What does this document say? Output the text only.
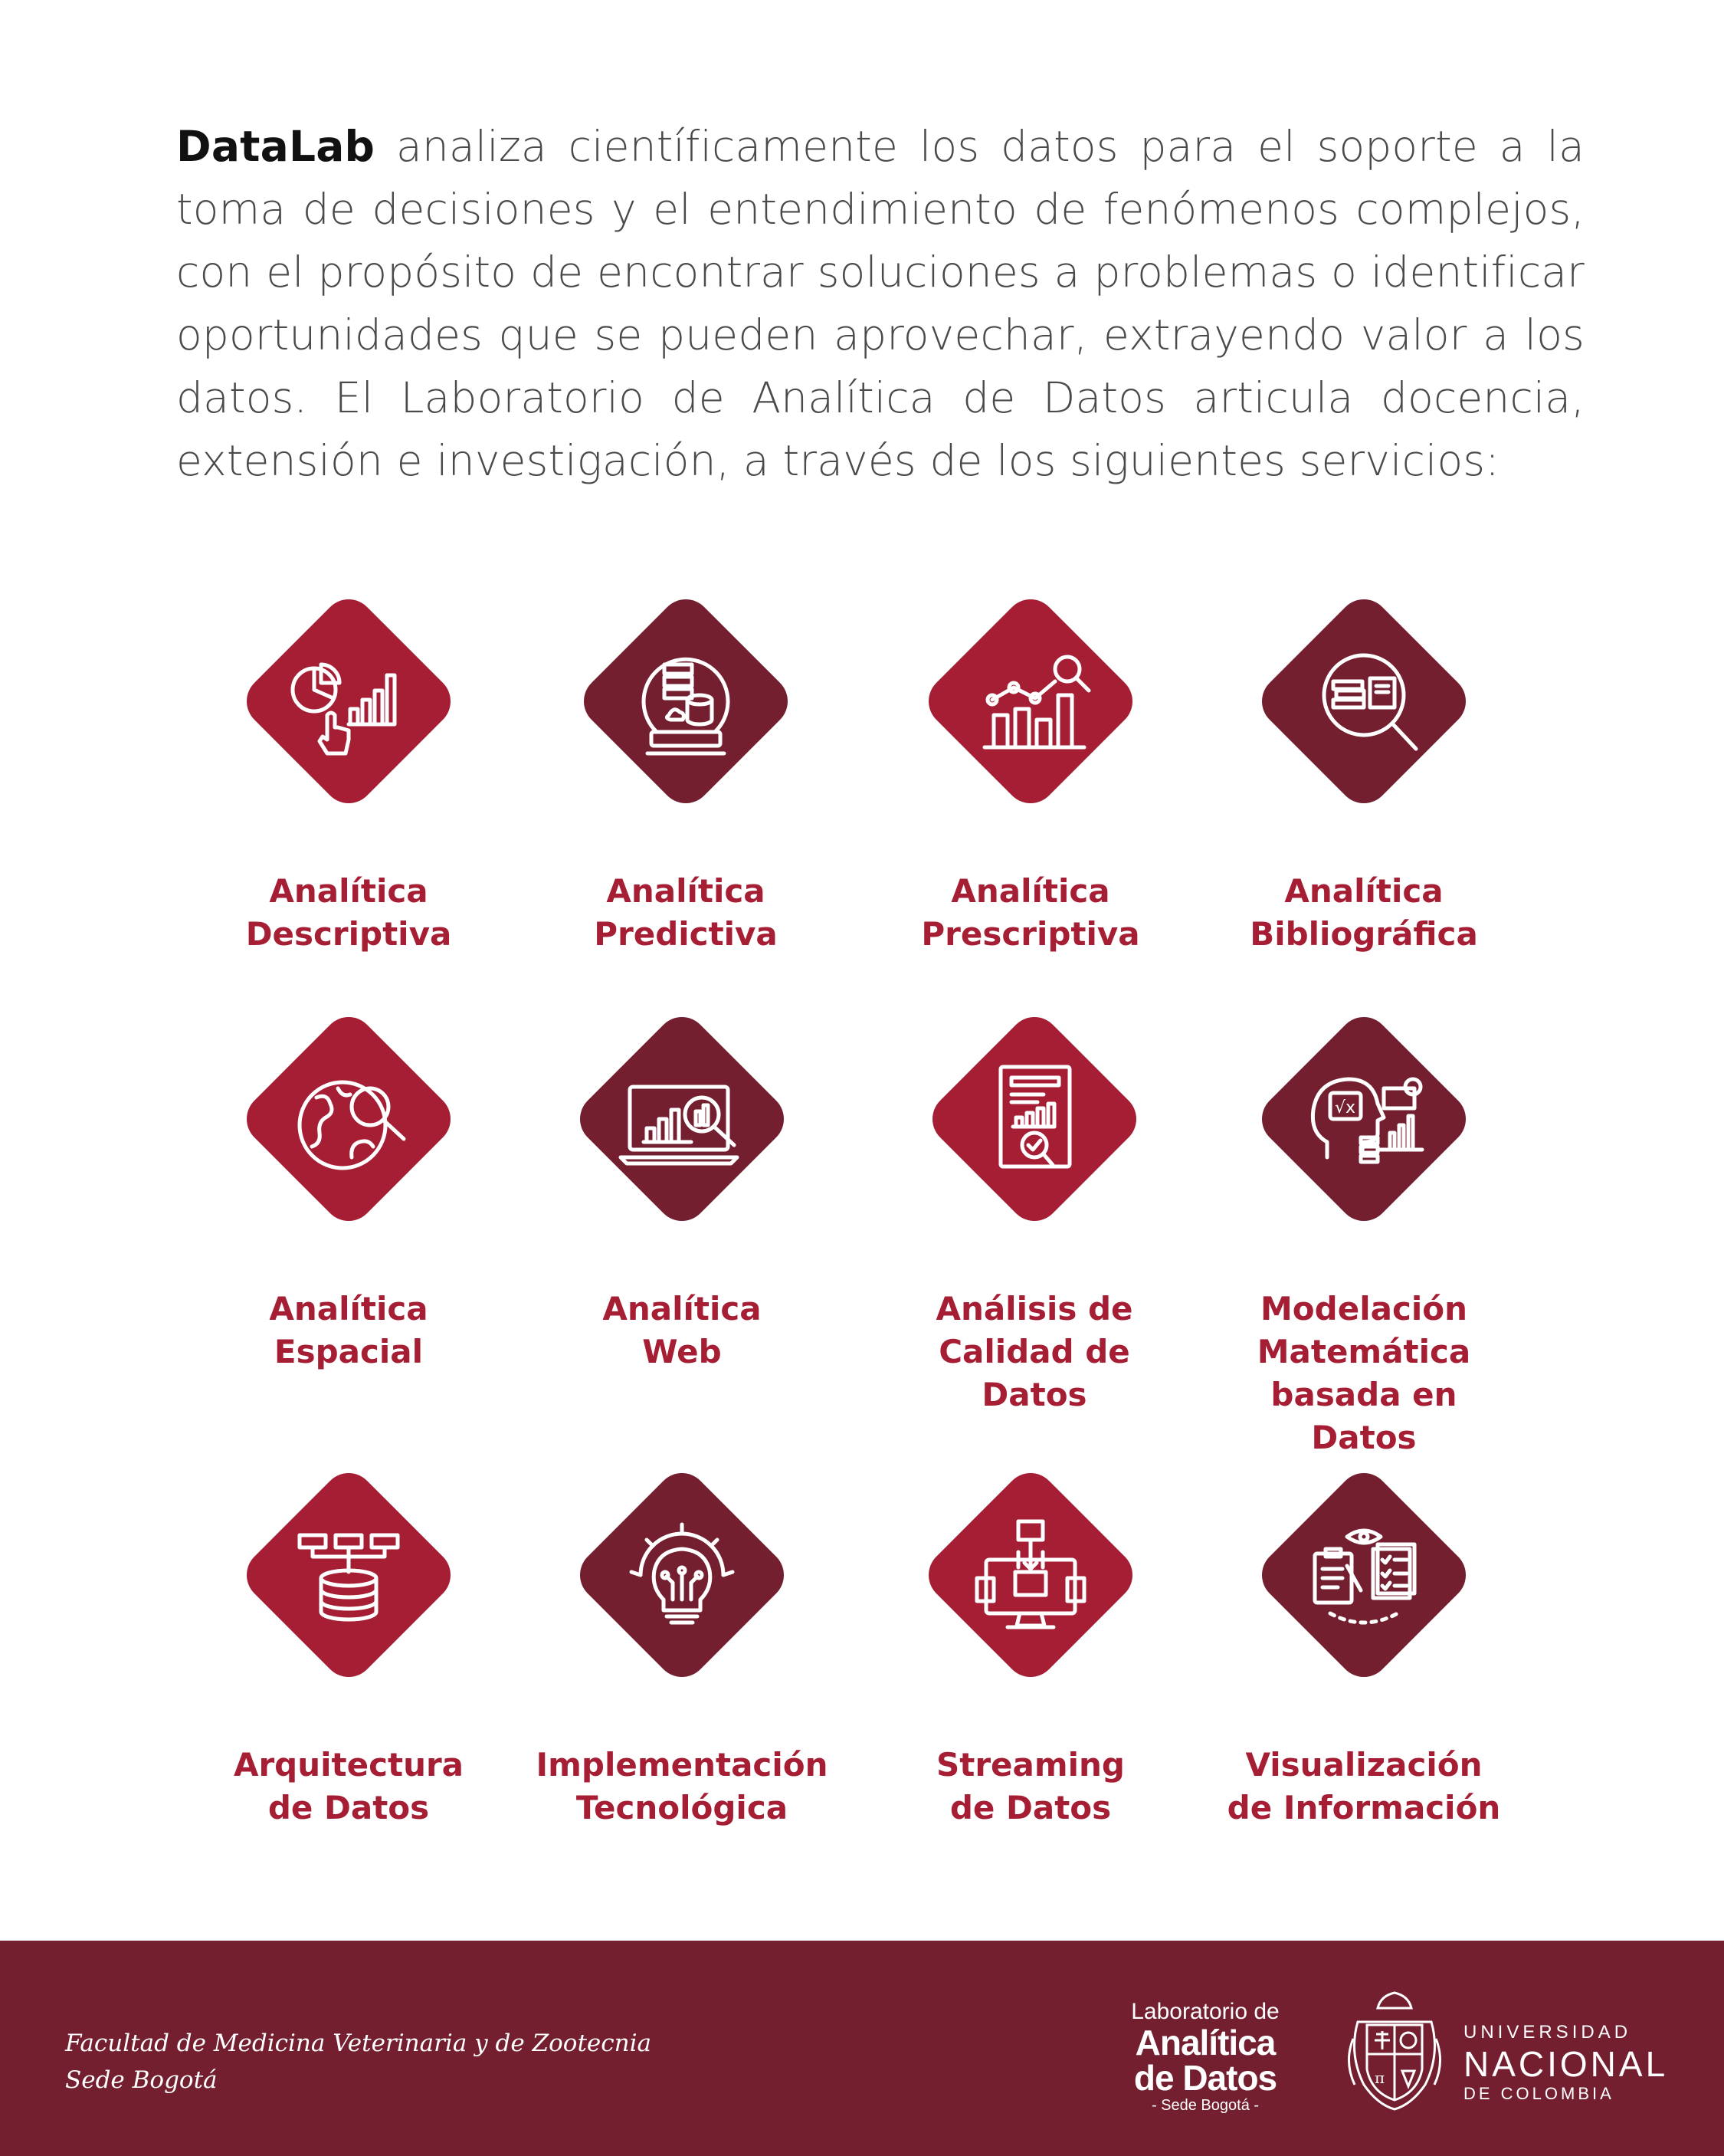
DataLab analiza científicamente los datos para el soporte a la toma de decisiones y el entendimiento de fenómenos complejos, con el propósito de encontrar soluciones a problemas o identificar oportunidades que se pueden aprovechar, extrayendo valor a los datos. El Laboratorio de Analítica de Datos articula docencia, extensión e investigación, a través de los siguientes servicios:

Analítica
Descriptiva
Analítica
Predictiva
Analítica
Prescriptiva
Analítica
Bibliográfica
Analítica
Espacial
Analítica
Web
Análisis de
Calidad de Datos
√x
Modelación
Matemática
basada en
Datos
Arquitectura
de Datos
Implementación
Tecnológica
Streaming
de Datos
Visualización
de Información
Facultad de Medicina Veterinaria y de Zootecnia
Sede Bogotá
Laboratorio de
Analítica
de Datos
- Sede Bogotá -
π
UNIVERSIDAD
NACIONAL
DE COLOMBIA
